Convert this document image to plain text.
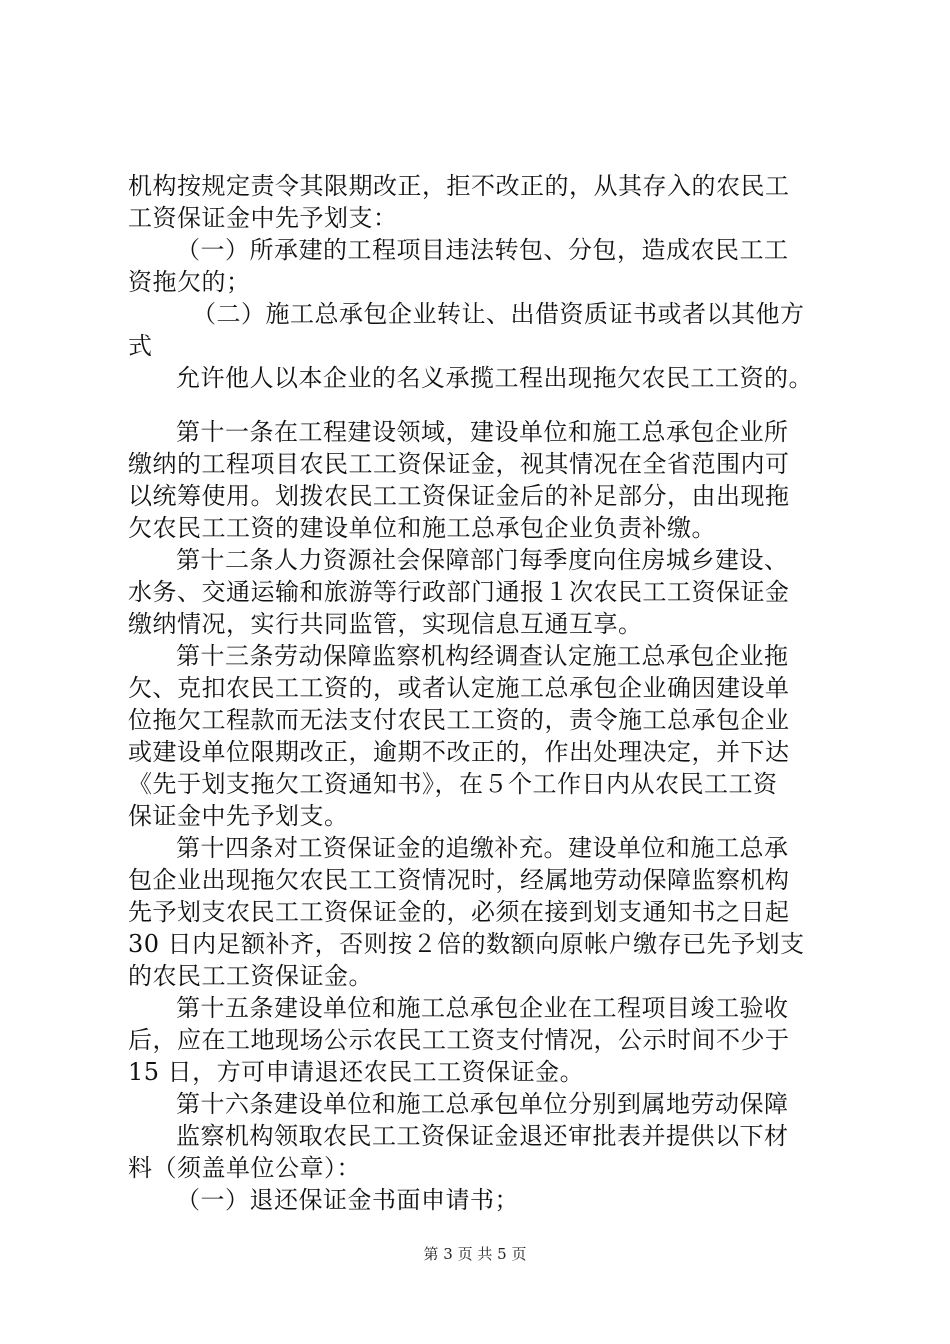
机构按规定责令其限期改正，拒不改正的，从其存入的农民工
工资保证金中先予划支：
（一）所承建的工程项目违法转包、分包，造成农民工工
资拖欠的；
（二）施工总承包企业转让、出借资质证书或者以其他方
式
允许他人以本企业的名义承揽工程出现拖欠农民工工资的。
第十一条在工程建设领域，建设单位和施工总承包企业所
缴纳的工程项目农民工工资保证金，视其情况在全省范围内可
以统筹使用。划拨农民工工资保证金后的补足部分，由出现拖
欠农民工工资的建设单位和施工总承包企业负责补缴。
第十二条人力资源社会保障部门每季度向住房城乡建设、
水务、交通运输和旅游等行政部门通报１次农民工工资保证金
缴纳情况，实行共同监管，实现信息互通互享。
第十三条劳动保障监察机构经调查认定施工总承包企业拖
欠、克扣农民工工资的，或者认定施工总承包企业确因建设单
位拖欠工程款而无法支付农民工工资的，责令施工总承包企业
或建设单位限期改正，逾期不改正的，作出处理决定，并下达
《先于划支拖欠工资通知书》，在５个工作日内从农民工工资
保证金中先予划支。
第十四条对工资保证金的追缴补充。建设单位和施工总承
包企业出现拖欠农民工工资情况时，经属地劳动保障监察机构
先予划支农民工工资保证金的，必须在接到划支通知书之日起
30 日内足额补齐，否则按２倍的数额向原帐户缴存已先予划支
的农民工工资保证金。
第十五条建设单位和施工总承包企业在工程项目竣工验收
后，应在工地现场公示农民工工资支付情况，公示时间不少于
15 日，方可申请退还农民工工资保证金。
第十六条建设单位和施工总承包单位分别到属地劳动保障
监察机构领取农民工工资保证金退还审批表并提供以下材
料（须盖单位公章）：
（一）退还保证金书面申请书；
第 3 页 共 5 页
